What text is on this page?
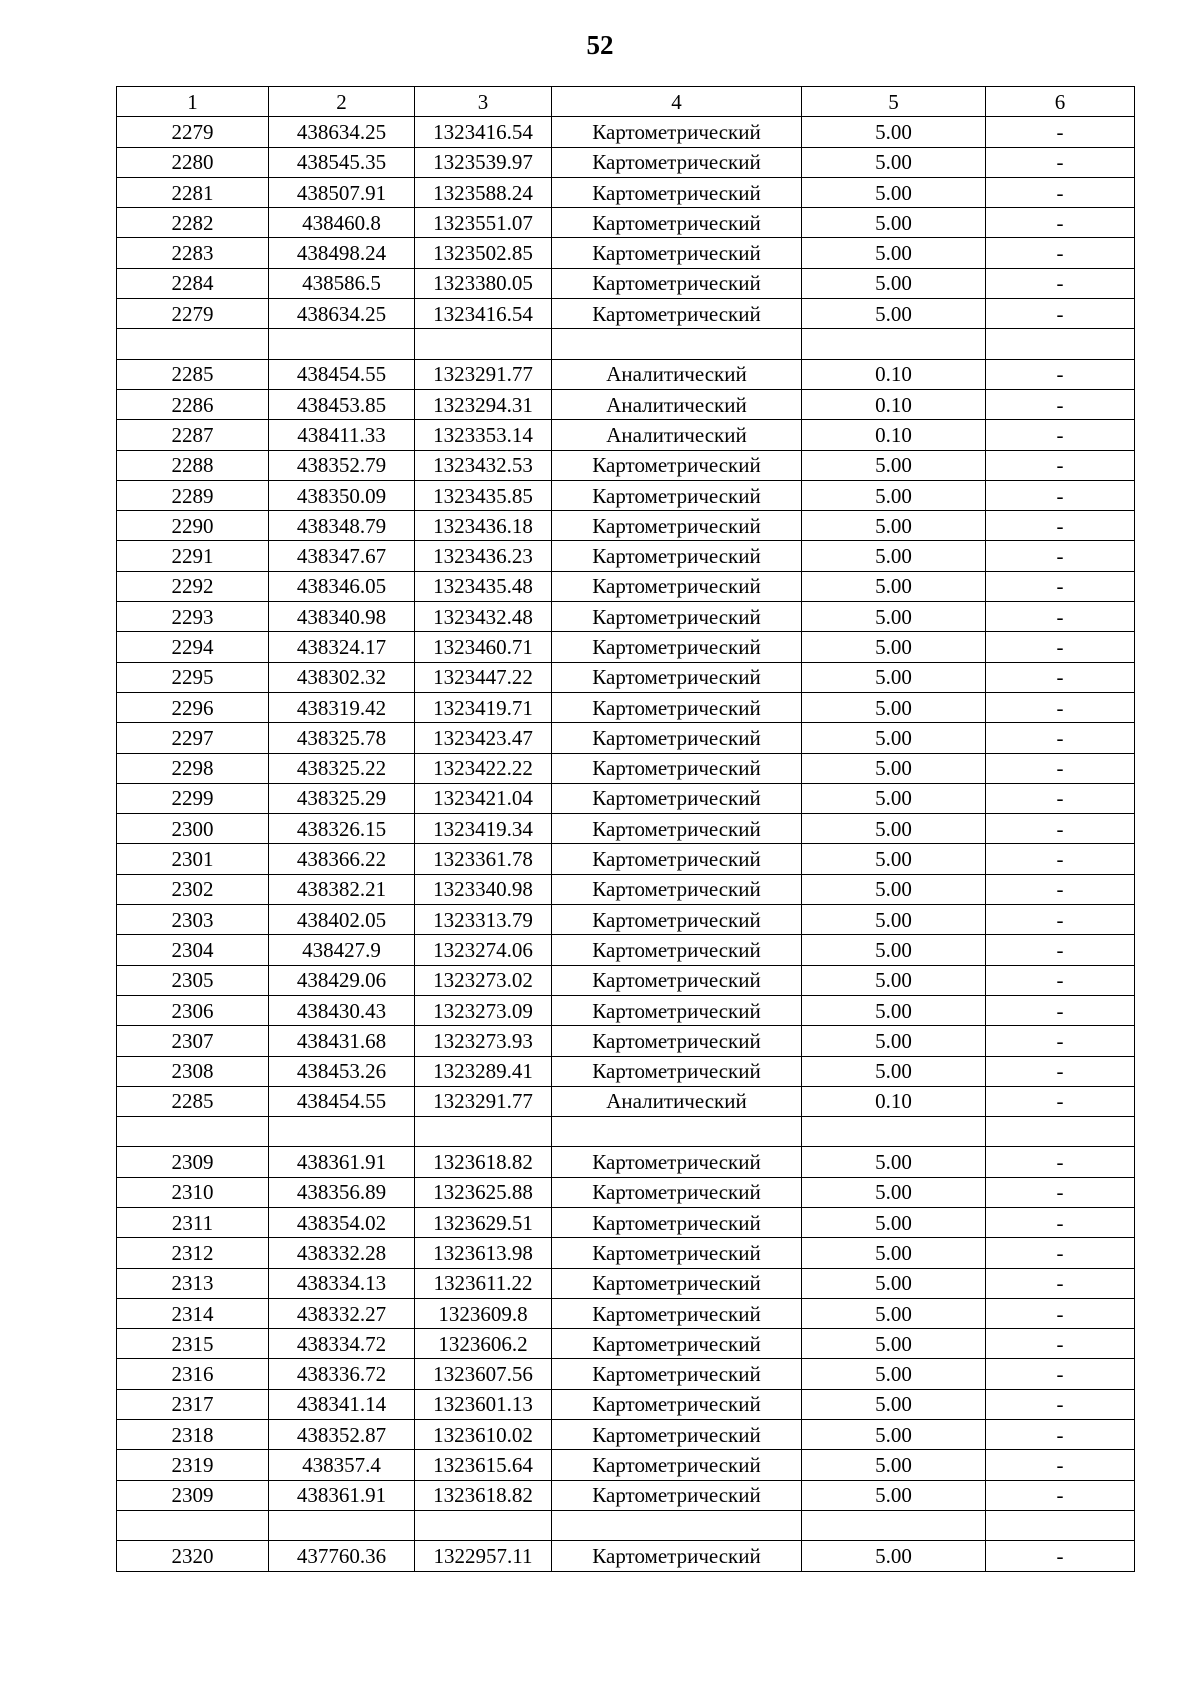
52
1	2	3	4	5	6
2279	438634.25	1323416.54	Картометрический	5.00	-
2280	438545.35	1323539.97	Картометрический	5.00	-
2281	438507.91	1323588.24	Картометрический	5.00	-
2282	438460.8	1323551.07	Картометрический	5.00	-
2283	438498.24	1323502.85	Картометрический	5.00	-
2284	438586.5	1323380.05	Картометрический	5.00	-
2279	438634.25	1323416.54	Картометрический	5.00	-

2285	438454.55	1323291.77	Аналитический	0.10	-
2286	438453.85	1323294.31	Аналитический	0.10	-
2287	438411.33	1323353.14	Аналитический	0.10	-
2288	438352.79	1323432.53	Картометрический	5.00	-
2289	438350.09	1323435.85	Картометрический	5.00	-
2290	438348.79	1323436.18	Картометрический	5.00	-
2291	438347.67	1323436.23	Картометрический	5.00	-
2292	438346.05	1323435.48	Картометрический	5.00	-
2293	438340.98	1323432.48	Картометрический	5.00	-
2294	438324.17	1323460.71	Картометрический	5.00	-
2295	438302.32	1323447.22	Картометрический	5.00	-
2296	438319.42	1323419.71	Картометрический	5.00	-
2297	438325.78	1323423.47	Картометрический	5.00	-
2298	438325.22	1323422.22	Картометрический	5.00	-
2299	438325.29	1323421.04	Картометрический	5.00	-
2300	438326.15	1323419.34	Картометрический	5.00	-
2301	438366.22	1323361.78	Картометрический	5.00	-
2302	438382.21	1323340.98	Картометрический	5.00	-
2303	438402.05	1323313.79	Картометрический	5.00	-
2304	438427.9	1323274.06	Картометрический	5.00	-
2305	438429.06	1323273.02	Картометрический	5.00	-
2306	438430.43	1323273.09	Картометрический	5.00	-
2307	438431.68	1323273.93	Картометрический	5.00	-
2308	438453.26	1323289.41	Картометрический	5.00	-
2285	438454.55	1323291.77	Аналитический	0.10	-

2309	438361.91	1323618.82	Картометрический	5.00	-
2310	438356.89	1323625.88	Картометрический	5.00	-
2311	438354.02	1323629.51	Картометрический	5.00	-
2312	438332.28	1323613.98	Картометрический	5.00	-
2313	438334.13	1323611.22	Картометрический	5.00	-
2314	438332.27	1323609.8	Картометрический	5.00	-
2315	438334.72	1323606.2	Картометрический	5.00	-
2316	438336.72	1323607.56	Картометрический	5.00	-
2317	438341.14	1323601.13	Картометрический	5.00	-
2318	438352.87	1323610.02	Картометрический	5.00	-
2319	438357.4	1323615.64	Картометрический	5.00	-
2309	438361.91	1323618.82	Картометрический	5.00	-

2320	437760.36	1322957.11	Картометрический	5.00	-
